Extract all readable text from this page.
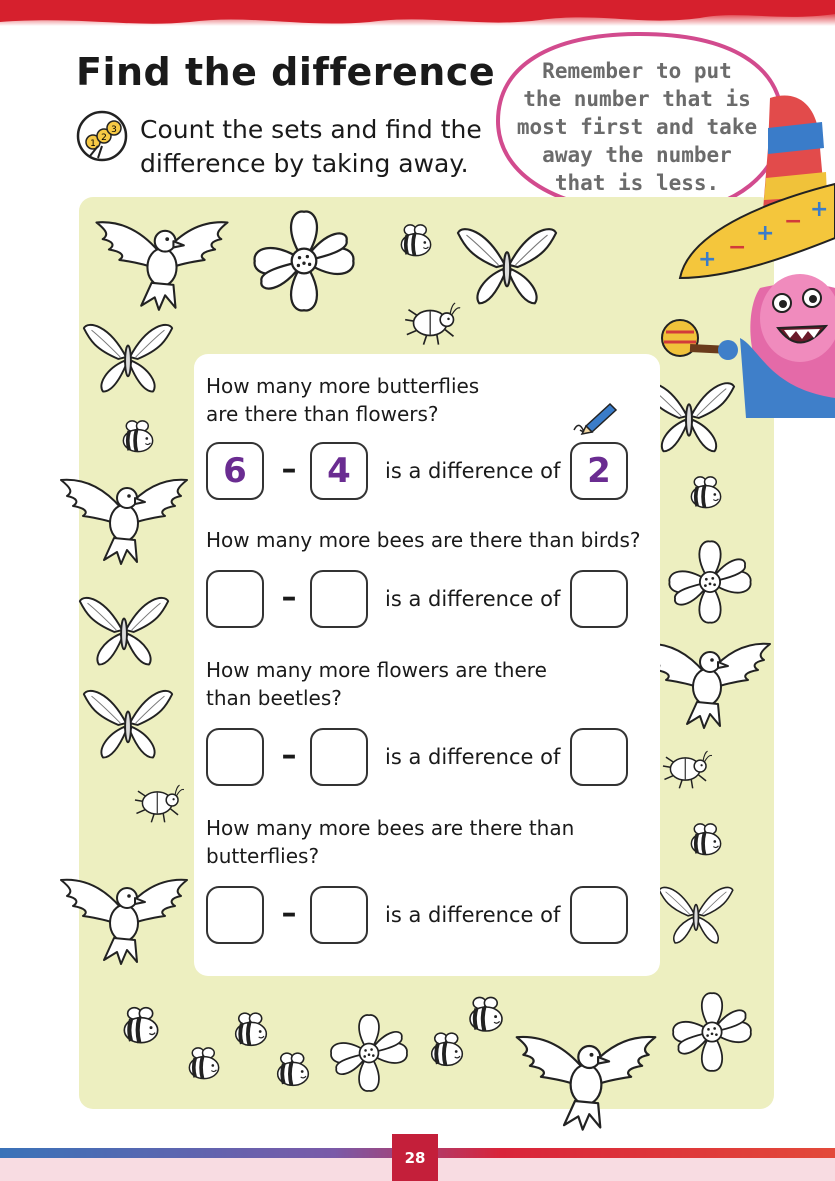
Find the difference
1
2
3 Count the sets and find the difference by taking away.
Remember to put
the number that is
most first and take
away the number
that is less.
How many more butterflies
are there than flowers?
6	– 4	is a difference of 2
How many more bees are there than birds?
–	is a difference of
How many more flowers are there
than beetles?
–	is a difference of
How many more bees are there than
butterflies?
–	is a difference of
+ −
+ − +
28
